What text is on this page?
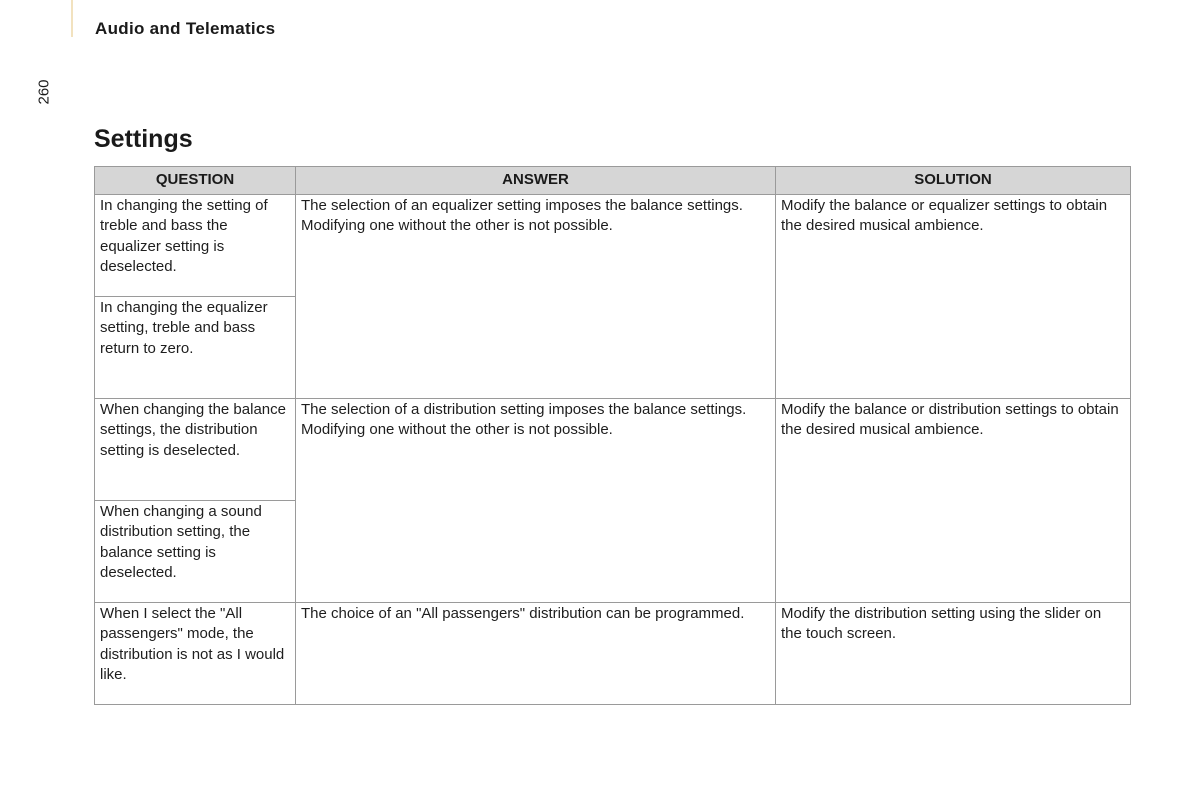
Audio and Telematics
260
Settings
QUESTION	ANSWER	SOLUTION
In changing the setting of treble and bass the equalizer setting is deselected.	The selection of an equalizer setting imposes the balance settings. Modifying one without the other is not possible.	Modify the balance or equalizer settings to obtain the desired musical ambience.
In changing the equalizer setting, treble and bass return to zero.		
When changing the balance settings, the distribution setting is deselected.	The selection of a distribution setting imposes the balance settings. Modifying one without the other is not possible.	Modify the balance or distribution settings to obtain the desired musical ambience.
When changing a sound distribution setting, the balance setting is deselected.		
When I select the "All passengers" mode, the distribution is not as I would like.	The choice of an "All passengers" distribution can be programmed.	Modify the distribution setting using the slider on the touch screen.
